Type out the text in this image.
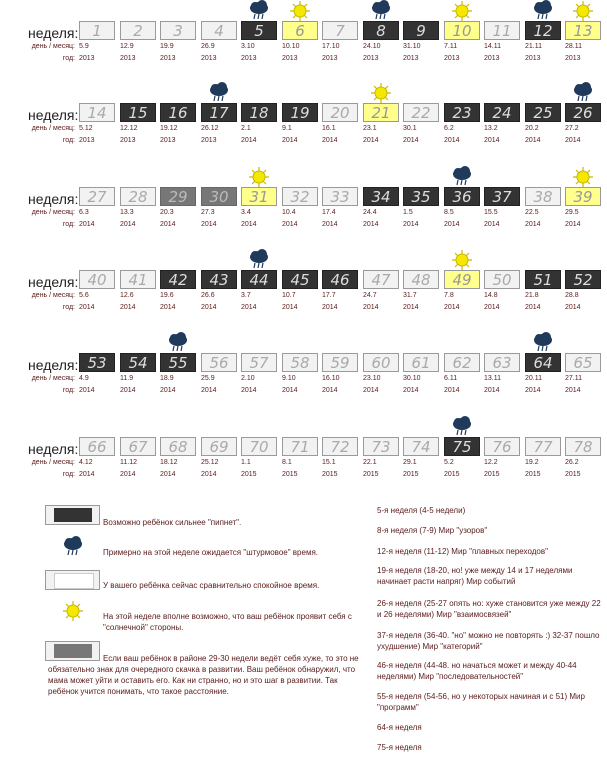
неделя:
день / месяц:
год:
1
5.9
2013
2
12.9
2013
3
19.9
2013
4
26.9
2013
5
3.10
2013
6
10.10
2013
7
17.10
2013
8
24.10
2013
9
31.10
2013
10
7.11
2013
11
14.11
2013
12
21.11
2013
13
28.11
2013
неделя:
день / месяц:
год:
14
5.12
2013
15
12.12
2013
16
19.12
2013
17
26.12
2013
18
2.1
2014
19
9.1
2014
20
16.1
2014
21
23.1
2014
22
30.1
2014
23
6.2
2014
24
13.2
2014
25
20.2
2014
26
27.2
2014
неделя:
день / месяц:
год:
27
6.3
2014
28
13.3
2014
29
20.3
2014
30
27.3
2014
31
3.4
2014
32
10.4
2014
33
17.4
2014
34
24.4
2014
35
1.5
2014
36
8.5
2014
37
15.5
2014
38
22.5
2014
39
29.5
2014
неделя:
день / месяц:
год:
40
5.6
2014
41
12.6
2014
42
19.6
2014
43
26.6
2014
44
3.7
2014
45
10.7
2014
46
17.7
2014
47
24.7
2014
48
31.7
2014
49
7.8
2014
50
14.8
2014
51
21.8
2014
52
28.8
2014
неделя:
день / месяц:
год:
53
4.9
2014
54
11.9
2014
55
18.9
2014
56
25.9
2014
57
2.10
2014
58
9.10
2014
59
16.10
2014
60
23.10
2014
61
30.10
2014
62
6.11
2014
63
13.11
2014
64
20.11
2014
65
27.11
2014
неделя:
день / месяц:
год:
66
4.12
2014
67
11.12
2014
68
18.12
2014
69
25.12
2014
70
1.1
2015
71
8.1
2015
72
15.1
2015
73
22.1
2015
74
29.1
2015
75
5.2
2015
76
12.2
2015
77
19.2
2015
78
26.2
2015
Возможно ребёнок сильнее "пипнет".
Примерно на этой неделе ожидается "штурмовое" время.
У вашего ребёнка сейчас сравнительно спокойное время.
На этой неделе вполне возможно, что ваш ребёнок проявит себя с "солнечной" стороны.
Если ваш ребёнок в районе 29-30 недели ведёт себя хуже, то это не обязательно знак для очередного скачка в развитии. Ваш ребёнок обнаружил, что мама может уйти и оставить его. Как ни странно, но и это шаг в развитии. Так ребёнок учится понимать, что такое расстояние.
5-я неделя (4-5 недели)
8-я неделя (7-9) Мир "узоров"
12-я неделя (11-12) Мир "плавных переходов"
19-я неделя (18-20, но! уже между 14 и 17 неделями начинает расти напряг) Мир событий
26-я неделя (25-27 опять но: хуже становится уже между 22 и 26 неделями) Мир "взаимосвязей"
37-я неделя (36-40. "но" можно не повторять :) 32-37 пошло ухудшение) Мир "категорий"
46-я неделя (44-48. но начаться может и между 40-44 неделями) Мир "последовательностей"
55-я неделя (54-56, но у некоторых начиная и с 51) Мир "программ"
64-я неделя
75-я неделя
